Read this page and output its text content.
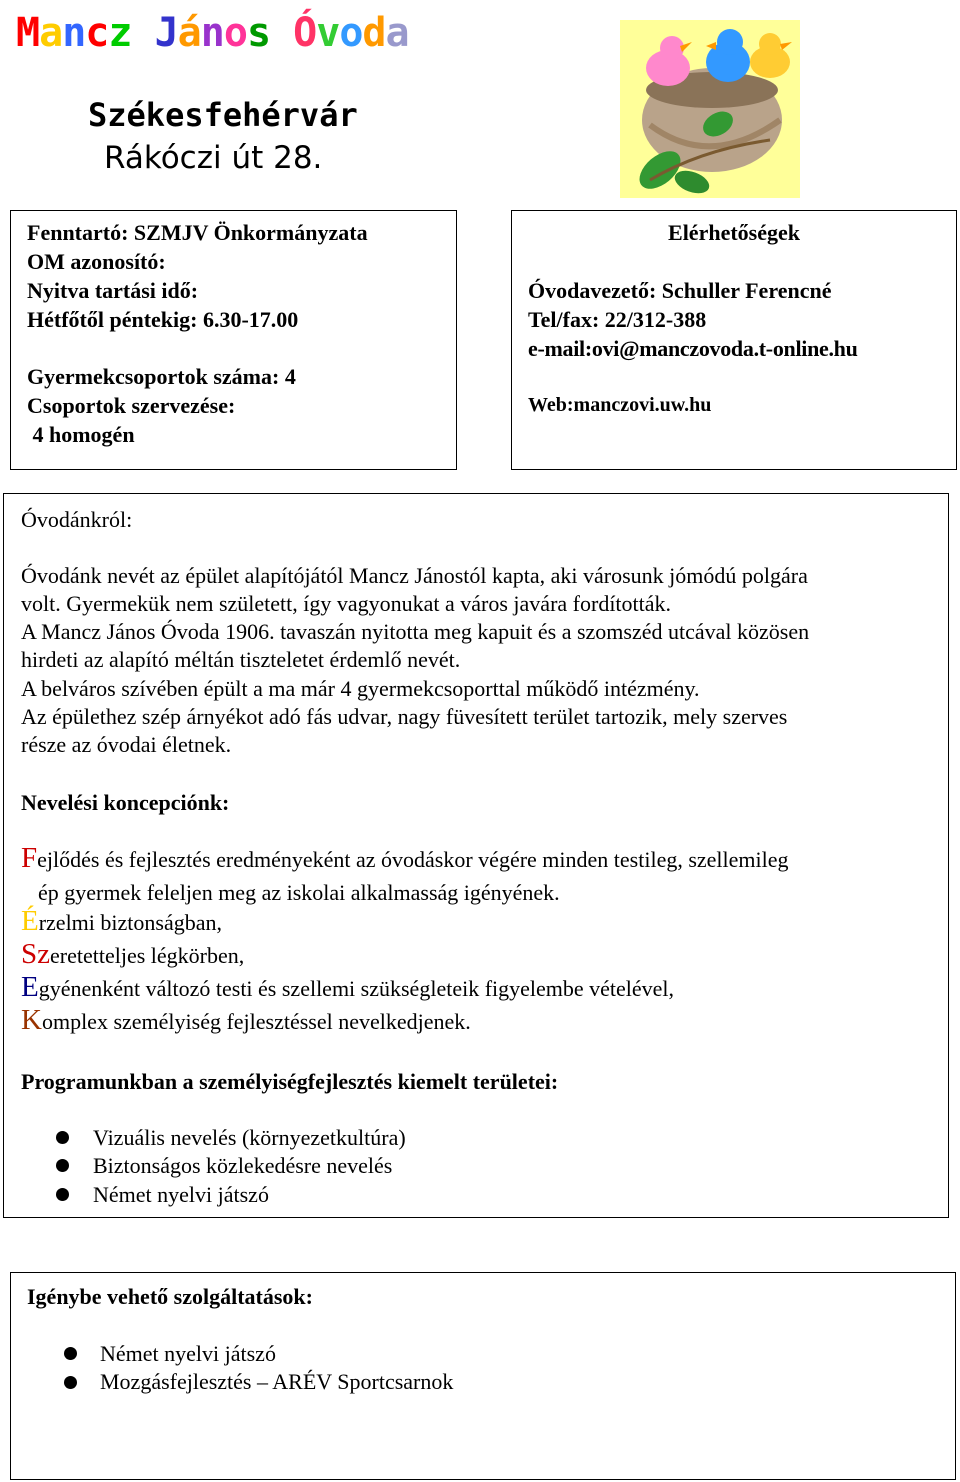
Mancz János Óvoda
Székesfehérvár
Rákóczi út 28.
Fenntartó: SZMJV Önkormányzata
OM azonosító:
Nyitva tartási idő:
Hétfőtől péntekig: 6.30-17.00
Gyermekcsoportok száma: 4
Csoportok szervezése:
4 homogén
Elérhetőségek
Óvodavezető: Schuller Ferencné
Tel/fax: 22/312-388
e-mail:ovi@manczovoda.t-online.hu
Web:manczovi.uw.hu
Óvodánkról:
Óvodánk nevét az épület alapítójától Mancz Jánostól kapta, aki városunk jómódú polgára
volt. Gyermekük nem született, így vagyonukat a város javára fordították.
A Mancz János Óvoda 1906. tavaszán nyitotta meg kapuit és a szomszéd utcával közösen
hirdeti az alapító méltán tiszteletet érdemlő nevét.
A belváros szívében épült a ma már 4 gyermekcsoporttal működő intézmény.
Az épülethez szép árnyékot adó fás udvar, nagy füvesített terület tartozik, mely szerves
része az óvodai életnek.
Nevelési koncepciónk:
Fejlődés és fejlesztés eredményeként az óvodáskor végére minden testileg, szellemileg
ép gyermek feleljen meg az iskolai alkalmasság igényének.
Érzelmi biztonságban,
Szeretetteljes légkörben,
Egyénenként változó testi és szellemi szükségleteik figyelembe vételével,
Komplex személyiség fejlesztéssel nevelkedjenek.
Programunkban a személyiségfejlesztés kiemelt területei:
Vizuális nevelés (környezetkultúra)
Biztonságos közlekedésre nevelés
Német nyelvi játszó
Igénybe vehető szolgáltatások:
Német nyelvi játszó
Mozgásfejlesztés – ARÉV Sportcsarnok
